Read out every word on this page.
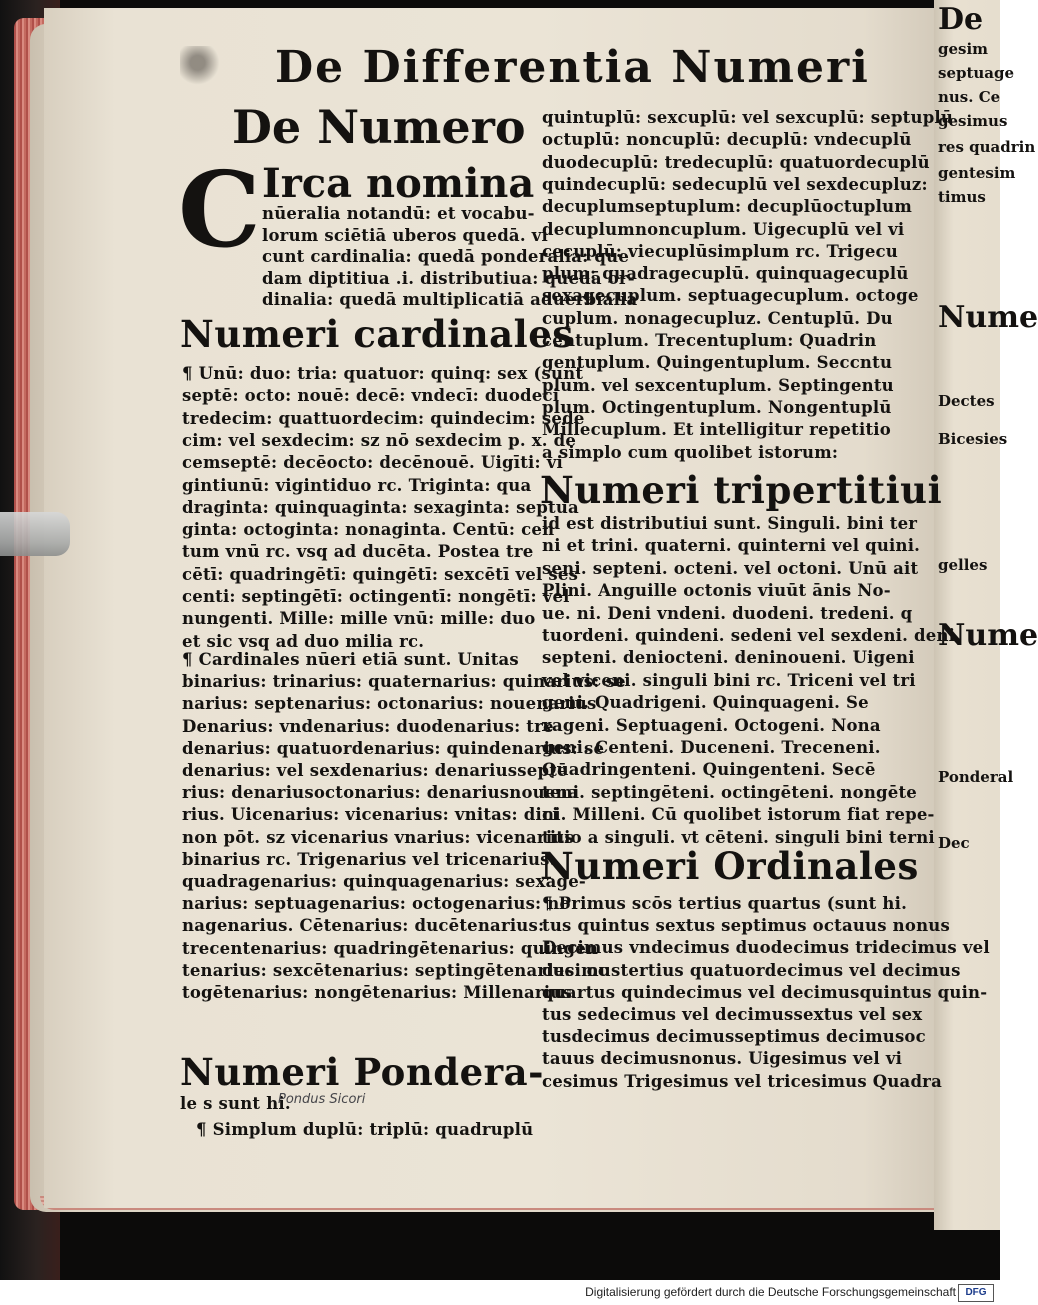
De
gesim
septuage
nus. Ce
gesimus
res quadrin
gentesim
timus
Nume
Dectes
Bicesies
gelles
Nume
Ponderal
Dec
De Differentia Numeri
De Numero
C Irca nomina
nūeralia notandū: et vocabu-
lorum sciētiā uberos quedā. vi
cunt cardinalia: quedā ponderalia: que
dam diptitiua .i. distributiua: quedā or-
dinalia: quedā multiplicatiā aduerbialia
Numeri cardinales
¶ Unū: duo: tria: quatuor: quinq: sex (sunt
septē: octo: nouē: decē: vndecī: duodeci
tredecim: quattuordecim: quindecim: sede
cim: vel sexdecim: sz nō sexdecim p. x. de
cemseptē: decēocto: decēnouē. Uigīti: vi
gintiunū: vigintiduo rc. Triginta: qua
draginta: quinquaginta: sexaginta: septua
ginta: octoginta: nonaginta. Centū: cen
tum vnū rc. vsq ad ducēta. Postea tre
cētī: quadringētī: quingētī: sexcētī vel ses
centi: septingētī: octingentī: nongētī: vel
nungenti. Mille: mille vnū: mille: duo
et sic vsq ad duo milia rc.
¶ Cardinales nūeri etiā sunt. Unitas
binarius: trinarius: quaternarius: quinarius: se
narius: septenarius: octonarius: nouenarius
Denarius: vndenarius: duodenarius: tre
denarius: quatuordenarius: quindenarius: se
denarius: vel sexdenarius: denariusseptē
rius: denariusoctonarius: denariusnouena
rius. Uicenarius: vicenarius: vnitas: dici
non pōt. sz vicenarius vnarius: vicenarius
binarius rc. Trigenarius vel tricenarius.
quadragenarius: quinquagenarius: sexage-
narius: septuagenarius: octogenarius: no
nagenarius. Cētenarius: ducētenarius:
trecentenarius: quadringētenarius: quingen
tenarius: sexcētenarius: septingētenarius: oc
togētenarius: nongētenarius: Millenarius
Numeri Pondera-
le s sunt hi.
Pondus Sicori
¶ Simplum duplū: triplū: quadruplū
quintuplū: sexcuplū: vel sexcuplū: septuplū
octuplū: noncuplū: decuplū: vndecuplū
duodecuplū: tredecuplū: quatuordecuplū
quindecuplū: sedecuplū vel sexdecupluz:
decuplumseptuplum: decuplūoctuplum
decuplumnoncuplum. Uigecuplū vel vi
cecuplū: viecuplūsimplum rc. Trigecu
plum: quadragecuplū. quinquagecuplū
sexagecuplum. septuagecuplum. octoge
cuplum. nonagecupluz. Centuplū. Du
centuplum. Trecentuplum: Quadrin
gentuplum. Quingentuplum. Seccntu
plum. vel sexcentuplum. Septingentu
plum. Octingentuplum. Nongentuplū
Millecuplum. Et intelligitur repetitio
a simplo cum quolibet istorum:
Numeri tripertitiui
id est distributiui sunt. Singuli. bini ter
ni et trini. quaterni. quinterni vel quini.
seni. septeni. octeni. vel octoni. Unū ait
Plini. Anguille octonis viuūt ānis No-
ue. ni. Deni vndeni. duodeni. tredeni. q
tuordeni. quindeni. sedeni vel sexdeni. deni
septeni. deniocteni. deninoueni. Uigeni
vel viceni. singuli bini rc. Triceni vel tri
geni. Quadrigeni. Quinquageni. Se
xageni. Septuageni. Octogeni. Nona
geni. Centeni. Duceneni. Treceneni.
Quadringenteni. Quingenteni. Secē
teni. septingēteni. octingēteni. nongēte
ni. Milleni. Cū quolibet istorum fiat repe-
titio a singuli. vt cēteni. singuli bini terni
Numeri Ordinales
¶ Primus scōs tertius quartus (sunt hi.
tus quintus sextus septimus octauus nonus
Decimus vndecimus duodecimus tridecimus vel
decimustertius quatuordecimus vel decimus
quartus quindecimus vel decimusquintus quin-
tus sedecimus vel decimussextus vel sex
tusdecimus decimusseptimus decimusoc
tauus decimusnonus. Uigesimus vel vi
cesimus Trigesimus vel tricesimus Quadra
Digitalisierung gefördert durch die Deutsche Forschungsgemeinschaft DFG
